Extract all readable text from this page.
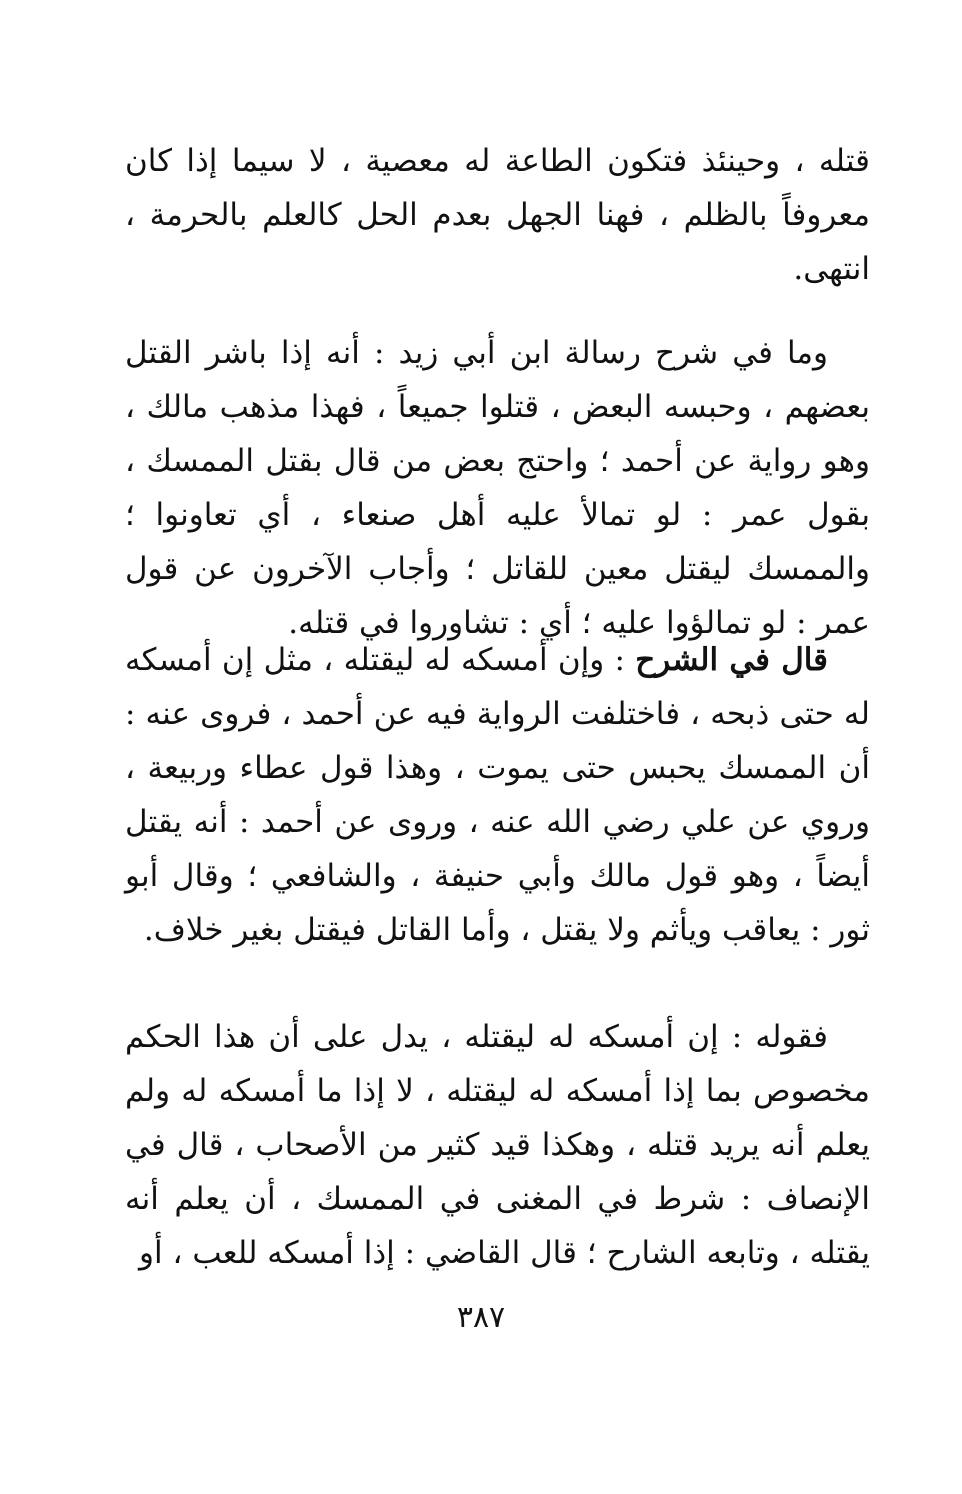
قتله ، وحينئذ فتكون الطاعة له معصية ، لا سيما إذا كان معروفاً بالظلم ، فهنا الجهل بعدم الحل كالعلم بالحرمة ، انتهى.
وما في شرح رسالة ابن أبي زيد : أنه إذا باشر القتل بعضهم ، وحبسه البعض ، قتلوا جميعاً ، فهذا مذهب مالك ، وهو رواية عن أحمد ؛ واحتج بعض من قال بقتل الممسك ، بقول عمر : لو تمالأ عليه أهل صنعاء ، أي تعاونوا ؛ والممسك ليقتل معين للقاتل ؛ وأجاب الآخرون عن قول عمر : لو تمالؤوا عليه ؛ أي : تشاوروا في قتله.
قال في الشرح : وإن أمسكه له ليقتله ، مثل إن أمسكه له حتى ذبحه ، فاختلفت الرواية فيه عن أحمد ، فروى عنه : أن الممسك يحبس حتى يموت ، وهذا قول عطاء وربيعة ، وروي عن علي رضي الله عنه ، وروى عن أحمد : أنه يقتل أيضاً ، وهو قول مالك وأبي حنيفة ، والشافعي ؛ وقال أبو ثور : يعاقب ويأثم ولا يقتل ، وأما القاتل فيقتل بغير خلاف.
فقوله : إن أمسكه له ليقتله ، يدل على أن هذا الحكم مخصوص بما إذا أمسكه له ليقتله ، لا إذا ما أمسكه له ولم يعلم أنه يريد قتله ، وهكذا قيد كثير من الأصحاب ، قال في الإنصاف : شرط في المغنى في الممسك ، أن يعلم أنه يقتله ، وتابعه الشارح ؛ قال القاضي : إذا أمسكه للعب ، أو
٣٨٧
